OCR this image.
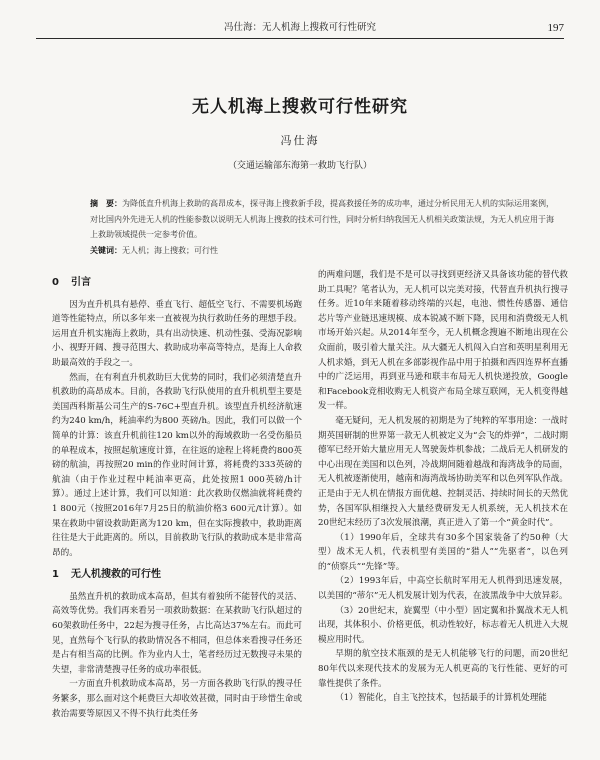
冯仕海：无人机海上搜救可行性研究	197
无人机海上搜救可行性研究
冯仕海
（交通运输部东海第一救助飞行队）
摘　要：为降低直升机海上救助的高昂成本，探寻海上搜救新手段，提高救援任务的成功率，通过分析民用无人机的实际运用案例，对比国内外先进无人机的性能参数以说明无人机海上搜救的技术可行性，同时分析归纳我国无人机相关政策法规，为无人机应用于海上救助领域提供一定参考价值。
关键词：无人机；海上搜救；可行性
0 引言

因为直升机具有悬停、垂直飞行、超低空飞行、不需要机场跑道等性能特点，所以多年来一直被视为执行救助任务的理想手段。运用直升机实施海上救助，具有出动快速、机动性强、受海况影响小、视野开阔、搜寻范围大、救助成功率高等特点，是海上人命救助最高效的手段之一。

然而，在有利直升机救助巨大优势的同时，我们必须清楚直升机救助的高昂成本。目前，各救助飞行队使用的直升机机型主要是美国西科斯基公司生产的S-76C+型直升机。该型直升机经济航速约为240 km/h，耗油率约为800 英磅/h。因此，我们可以做一个简单的计算：该直升机前往120 km以外的海域救助一名受伤船员的单程成本，按照起航速度计算，在往返的途程上将耗费约800英磅的航油，再按照20 min的作业时间计算，将耗费约333英磅的航油（由于作业过程中耗油率更高，此处按照1 000英磅/h计算）。通过上述计算，我们可以知道：此次救助仅燃油就将耗费约1 800元（按照2016年7月25日的航油价格3 600元/t计算）。如果在救助中留设救助距离为120 km，但在实际搜救中，救助距离往往是大于此距离的。所以，目前救助飞行队的救助成本是非常高昂的。

1 无人机搜救的可行性

虽然直升机的救助成本高昂，但其有着独所不能替代的灵活、高效等优势。我们再来看另一项救助数据：在某救助飞行队超过的60架救助任务中，22起为搜寻任务，占比高达37%左右。而此可见，直然每个飞行队的救助情况各不相同，但总体来看搜寻任务还是占有相当高的比例。作为业内人士，笔者经历过无数搜寻未果的失望，非常清楚搜寻任务的成功率很低。

一方面直升机救助成本高昂，另一方面各救助飞行队的搜寻任务繁多，那么面对这个耗费巨大却收效甚微，同时由于珍惜生命或救治需要等原因又不得不执行此类任务

的两难问题，我们是不是可以寻找到更经济又具备该功能的替代救助工具呢？笔者认为，无人机可以完美对接，代替直升机执行搜寻任务。近10年来随着移动终端的兴起，电池、惯性传感器、通信芯片等产业链迅速规模、成本锐减不断下降，民用和消费级无人机市场开始兴起。从2014年至今，无人机概念搜遍不断地出现在公众面前，吸引着大量关注。从大疆无人机闯入白宫和英明星利用无人机求婚，到无人机在多部影视作品中用于拍摄和西四连界杯直播中的广泛运用，再到亚马逊和联丰布局无人机快递投放，Google和Facebook竞相收购无人机资产布局全球互联网，无人机变得越发一样。

毫无疑问，无人机发展的初期是为了纯粹的军事用途：一战时期英国研制的世界第一款无人机被定义为“会飞的炸弹”，二战时期德军已经开始大量应用无人驾驶轰炸机参战；二战后无人机研发的中心出现在美国和以色列，冷战期间随着越战和海湾战争的局面，无人机被逐渐使用，越南和海湾战场协助美军和以色列军队作战。正是由于无人机在情报方面优越、控制灵活、持续时间长的天然优势，各国军队相继投入大量经费研发无人机系统，无人机技术在20世纪末经历了3次发展浪潮，真正进入了第一个“黄金时代”。

（1）1990年后，全球共有30多个国家装备了约50种（大型）战术无人机，代表机型有美国的“猎人”“先驱者”，以色列的“侦察兵”“先锋”等。

（2）1993年后，中高空长航时军用无人机得到迅速发展，以美国的“蒂尔”无人机发展计划为代表，在波黑战争中大放异彩。

（3）20世纪末，旋翼型（中小型）固定翼和扑翼战术无人机出现，其体积小、价格更低，机动性较好，标志着无人机进入大规模应用时代。

早期的航空技术瓶颈的是无人机能够飞行的问题，而20世纪80年代以来现代技术的发展为无人机更高的飞行性能、更好的可靠性提供了条件。

（1）智能化，自主飞控技术，包括最手的计算机处理能
